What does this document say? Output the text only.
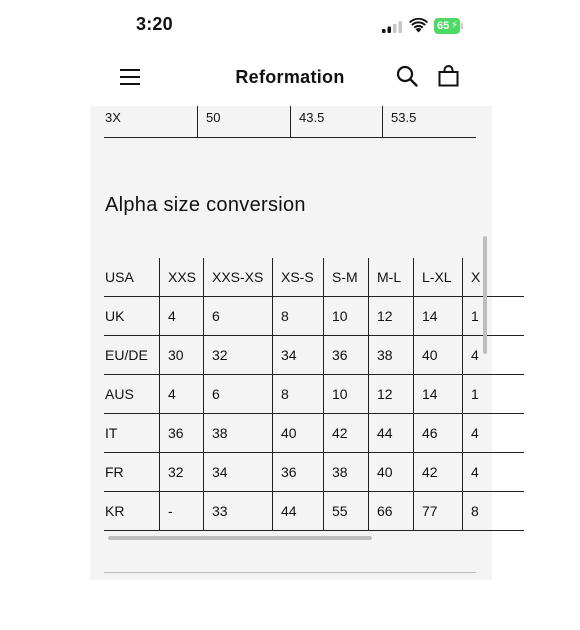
3:20	65 ⚡
Reformation
3X	50	43.5	53.5
Alpha size conversion
USA XXS XXS-XS XS-S S-M M-L L-XL X
UK	4	6	8	10 12 14 1
EU/DE 30 32	34	36 38 40 4
AUS 4	6	8	10 12 14 1
IT	36 38	40	42 44 46 4
FR	32 34	36	38 40 42 4
KR	-	33	44	55 66 77 8
